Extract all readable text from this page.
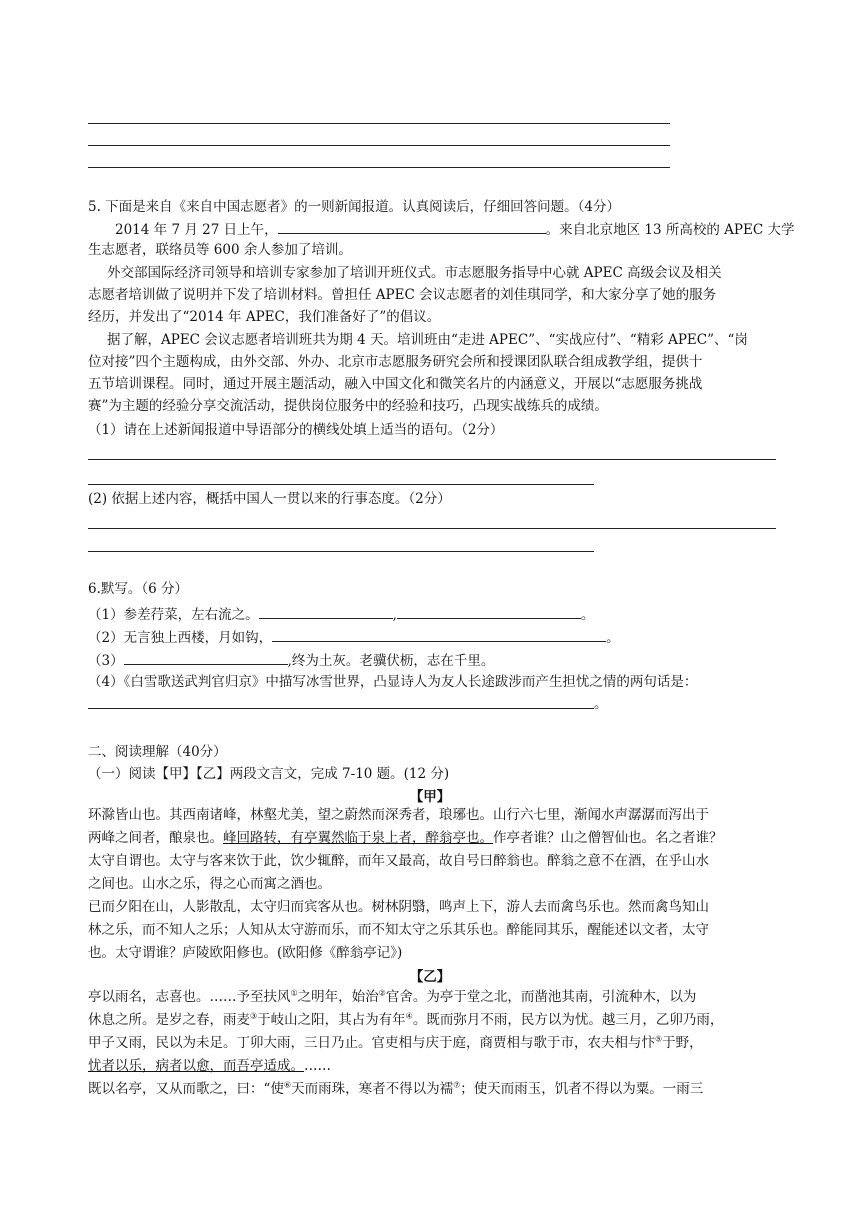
5. 下面是来自《来自中国志愿者》的一则新闻报道。认真阅读后，仔细回答问题。（4分）
2014 年 7 月 27 日上午，	。来自北京地区 13 所高校的 APEC 大学
生志愿者，联络员等 600 余人参加了培训。
外交部国际经济司领导和培训专家参加了培训开班仪式。市志愿服务指导中心就 APEC 高级会议及相关
志愿者培训做了说明并下发了培训材料。曾担任 APEC 会议志愿者的刘佳琪同学，和大家分享了她的服务
经历，并发出了“2014 年 APEC，我们准备好了”的倡议。
据了解，APEC 会议志愿者培训班共为期 4 天。培训班由“走进 APEC”、“实战应付”、“精彩 APEC”、“岗
位对接”四个主题构成，由外交部、外办、北京市志愿服务研究会所和授课团队联合组成教学组，提供十
五节培训课程。同时，通过开展主题活动，融入中国文化和微笑名片的内涵意义，开展以“志愿服务挑战
赛”为主题的经验分享交流活动，提供岗位服务中的经验和技巧，凸现实战练兵的成绩。
（1）请在上述新闻报道中导语部分的横线处填上适当的语句。（2分）
(2) 依据上述内容，概括中国人一贯以来的行事态度。（2分）
6.默写。（6 分）
（1）参差荇菜，左右流之。	,	。
（2）无言独上西楼，月如钩，	。
（3）	,终为土灰。老骥伏枥，志在千里。
（4）《白雪歌送武判官归京》中描写冰雪世界，凸显诗人为友人长途跋涉而产生担忧之情的两句话是：
。
二、阅读理解（40分）
（一）阅读【甲】【乙】两段文言文，完成 7-10 题。(12 分)
【甲】
环滁皆山也。其西南诸峰，林壑尤美，望之蔚然而深秀者，琅琊也。山行六七里，渐闻水声潺潺而泻出于
两峰之间者，酿泉也。峰回路转，有亭翼然临于泉上者，醉翁亭也。作亭者谁？山之僧智仙也。名之者谁？
太守自谓也。太守与客来饮于此，饮少辄醉，而年又最高，故自号曰醉翁也。醉翁之意不在酒，在乎山水
之间也。山水之乐，得之心而寓之酒也。
已而夕阳在山，人影散乱，太守归而宾客从也。树林阴翳，鸣声上下，游人去而禽鸟乐也。然而禽鸟知山
林之乐，而不知人之乐；人知从太守游而乐，而不知太守之乐其乐也。醉能同其乐，醒能述以文者，太守
也。太守谓谁？庐陵欧阳修也。(欧阳修《醉翁亭记》)
【乙】
亭以雨名，志喜也。……予至扶风①之明年，始治②官舍。为亭于堂之北，而凿池其南，引流种木，以为
休息之所。是岁之春，雨麦③于岐山之阳，其占为有年④。既而弥月不雨，民方以为忧。越三月，乙卯乃雨，
甲子又雨，民以为未足。丁卯大雨，三日乃止。官吏相与庆于庭，商贾相与歌于市，农夫相与忭⑤于野，
忧者以乐，病者以愈，而吾亭适成。……
既以名亭，又从而歌之，曰：“使⑥天而雨珠，寒者不得以为襦⑦；使天而雨玉，饥者不得以为粟。一雨三
